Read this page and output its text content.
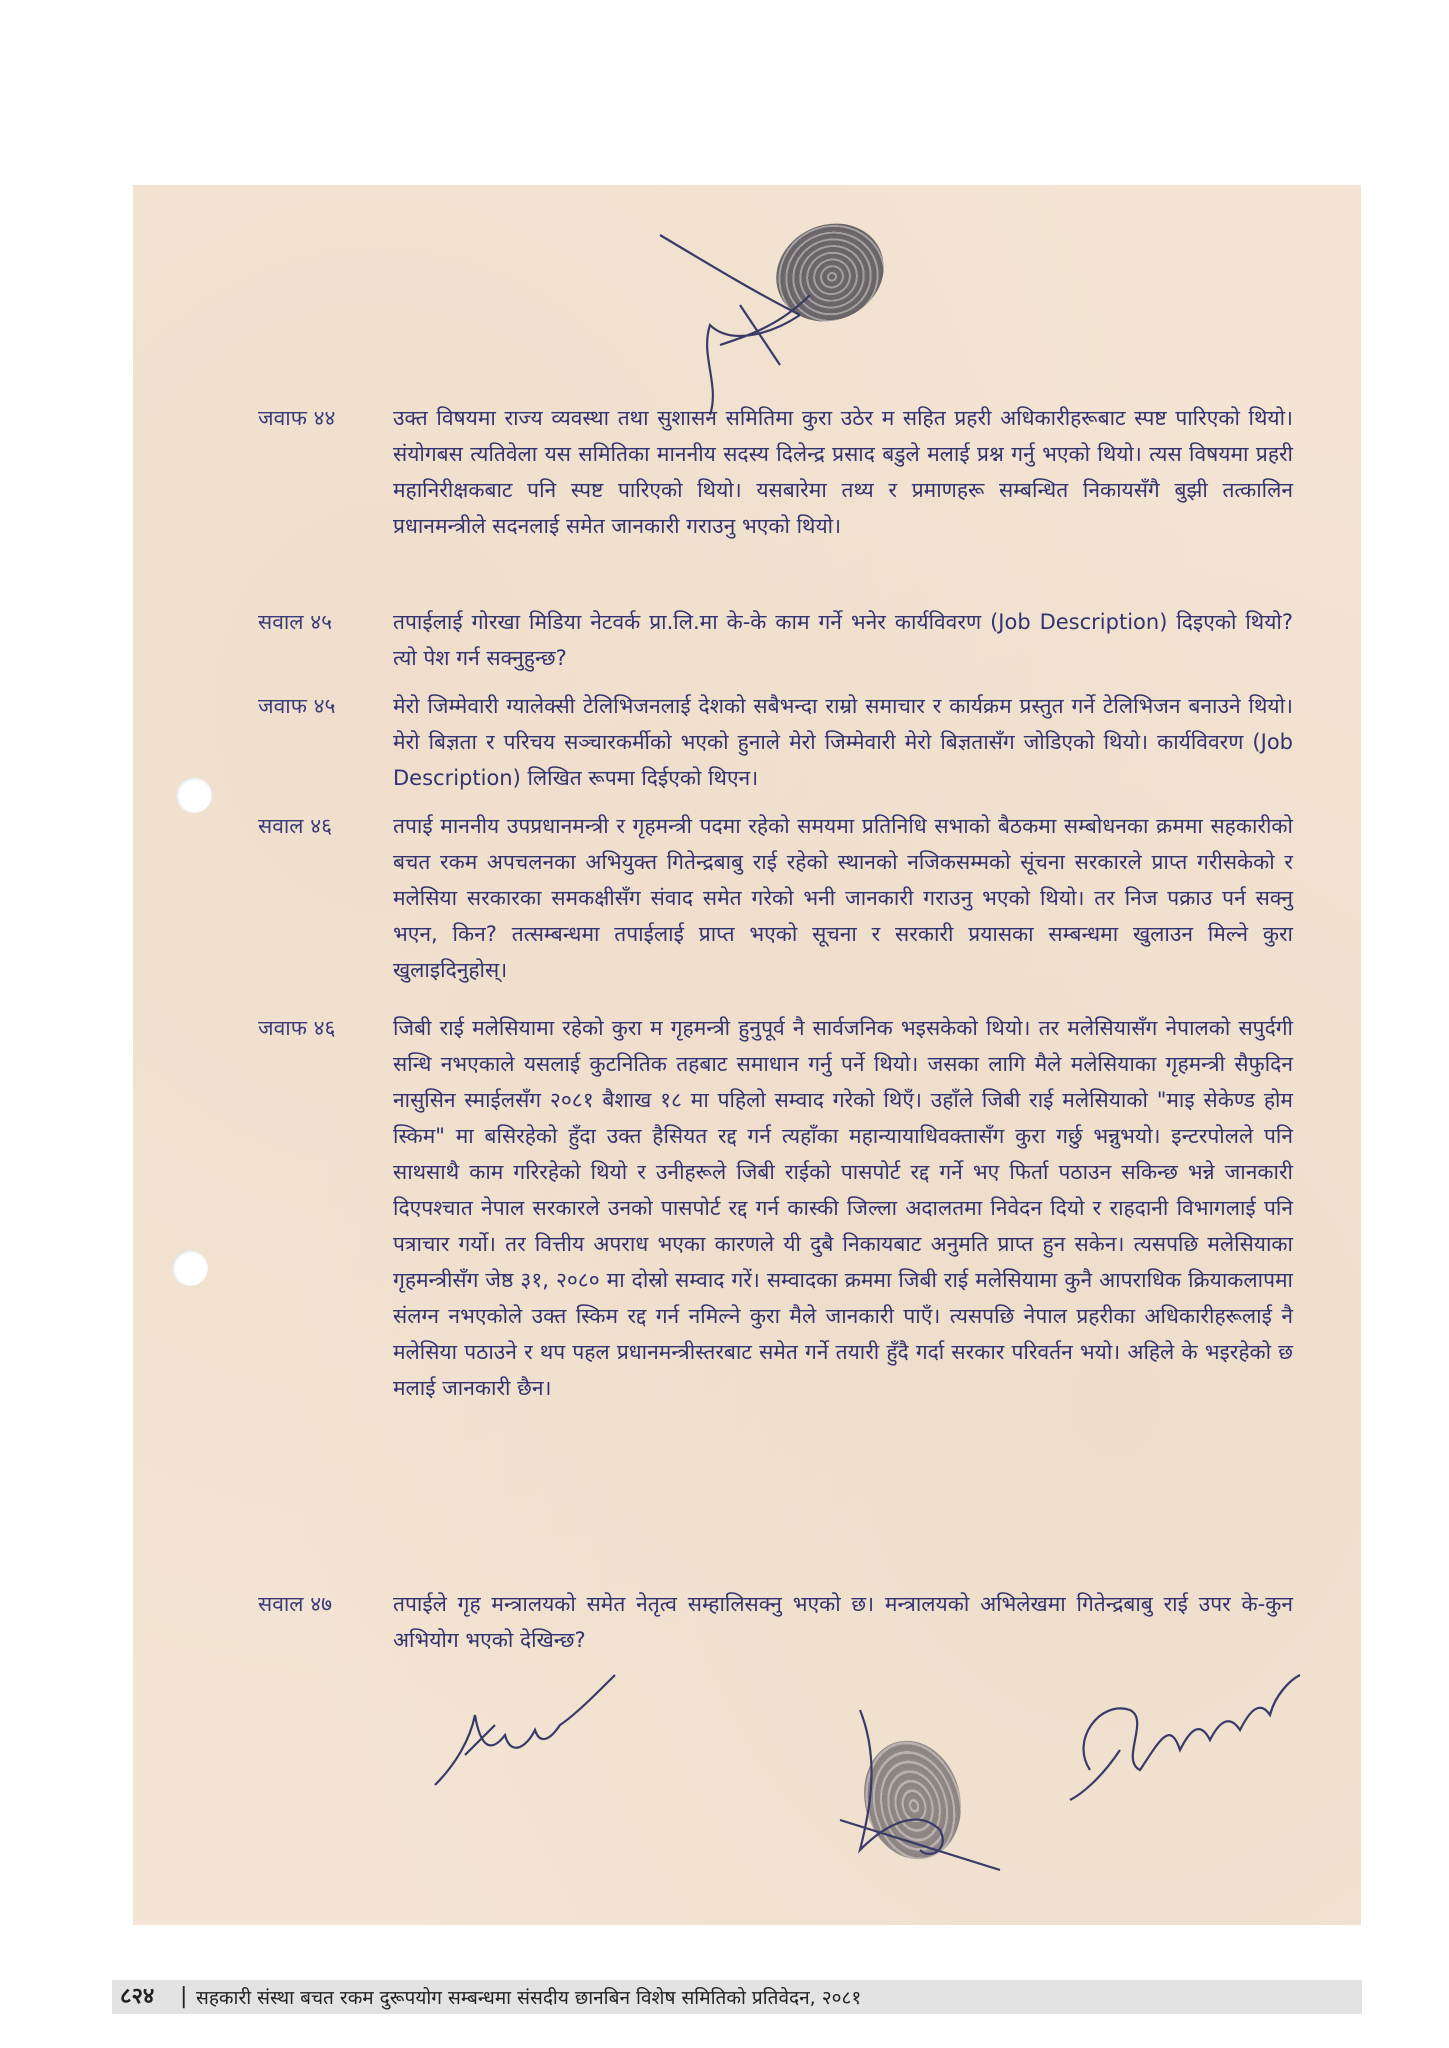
जवाफ ४४	उक्त विषयमा राज्य व्यवस्था तथा सुशासन समितिमा कुरा उठेर म सहित प्रहरी अधिकारीहरूबाट स्पष्ट पारिएको थियो। संयोगबस त्यतिवेला यस समितिका माननीय सदस्य दिलेन्द्र प्रसाद बडुले मलाई प्रश्न गर्नु भएको थियो। त्यस विषयमा प्रहरी महानिरीक्षकबाट पनि स्पष्ट पारिएको थियो। यसबारेमा तथ्य र प्रमाणहरू सम्बन्धित निकायसँगै बुझी तत्कालिन प्रधानमन्त्रीले सदनलाई समेत जानकारी गराउनु भएको थियो।
सवाल ४५	तपाईलाई गोरखा मिडिया नेटवर्क प्रा.लि.मा के-के काम गर्ने भनेर कार्यविवरण (Job Description) दिइएको थियो? त्यो पेश गर्न सक्नुहुन्छ?
जवाफ ४५	मेरो जिम्मेवारी ग्यालेक्सी टेलिभिजनलाई देशको सबैभन्दा राम्रो समाचार र कार्यक्रम प्रस्तुत गर्ने टेलिभिजन बनाउने थियो। मेरो बिज्ञता र परिचय सञ्चारकर्मीको भएको हुनाले मेरो जिम्मेवारी मेरो बिज्ञतासँग जोडिएको थियो। कार्यविवरण (Job Description) लिखित रूपमा दिईएको थिएन।
सवाल ४६	तपाई माननीय उपप्रधानमन्त्री र गृहमन्त्री पदमा रहेको समयमा प्रतिनिधि सभाको बैठकमा सम्बोधनका क्रममा सहकारीको बचत रकम अपचलनका अभियुक्त गितेन्द्रबाबु राई रहेको स्थानको नजिकसम्मको सूंचना सरकारले प्राप्त गरीसकेको र मलेसिया सरकारका समकक्षीसँग संवाद समेत गरेको भनी जानकारी गराउनु भएको थियो। तर निज पक्राउ पर्न सक्नु भएन, किन? तत्सम्बन्धमा तपाईलाई प्राप्त भएको सूचना र सरकारी प्रयासका सम्बन्धमा खुलाउन मिल्ने कुरा खुलाइदिनुहोस्।
जवाफ ४६	जिबी राई मलेसियामा रहेको कुरा म गृहमन्त्री हुनुपूर्व नै सार्वजनिक भइसकेको थियो। तर मलेसियासँग नेपालको सपुर्दगी सन्धि नभएकाले यसलाई कुटनितिक तहबाट समाधान गर्नु पर्ने थियो। जसका लागि मैले मलेसियाका गृहमन्त्री सैफुदिन नासुसिन स्माईलसँग २०८१ बैशाख १८ मा पहिलो सम्वाद गरेको थिएँ। उहाँले जिबी राई मलेसियाको "माइ सेकेण्ड होम स्किम" मा बसिरहेको हुँदा उक्त हैसियत रद्द गर्न त्यहाँका महान्यायाधिवक्तासँग कुरा गर्छु भन्नुभयो। इन्टरपोलले पनि साथसाथै काम गरिरहेको थियो र उनीहरूले जिबी राईको पासपोर्ट रद्द गर्ने भए फिर्ता पठाउन सकिन्छ भन्ने जानकारी दिएपश्चात नेपाल सरकारले उनको पासपोर्ट रद्द गर्न कास्की जिल्ला अदालतमा निवेदन दियो र राहदानी विभागलाई पनि पत्राचार गर्यो। तर वित्तीय अपराध भएका कारणले यी दुबै निकायबाट अनुमति प्राप्त हुन सकेन। त्यसपछि मलेसियाका गृहमन्त्रीसँग जेष्ठ ३१, २०८० मा दोस्रो सम्वाद गरें। सम्वादका क्रममा जिबी राई मलेसियामा कुनै आपराधिक क्रियाकलापमा संलग्न नभएकोले उक्त स्किम रद्द गर्न नमिल्ने कुरा मैले जानकारी पाएँ। त्यसपछि नेपाल प्रहरीका अधिकारीहरूलाई नै मलेसिया पठाउने र थप पहल प्रधानमन्त्रीस्तरबाट समेत गर्ने तयारी हुँदै गर्दा सरकार परिवर्तन भयो। अहिले के भइरहेको छ मलाई जानकारी छैन।
सवाल ४७	तपाईले गृह मन्त्रालयको समेत नेतृत्व सम्हालिसक्नु भएको छ। मन्त्रालयको अभिलेखमा गितेन्द्रबाबु राई उपर के-कुन अभियोग भएको देखिन्छ?
८२४ | सहकारी संस्था बचत रकम दुरूपयोग सम्बन्धमा संसदीय छानबिन विशेष समितिको प्रतिवेदन, २०८१
